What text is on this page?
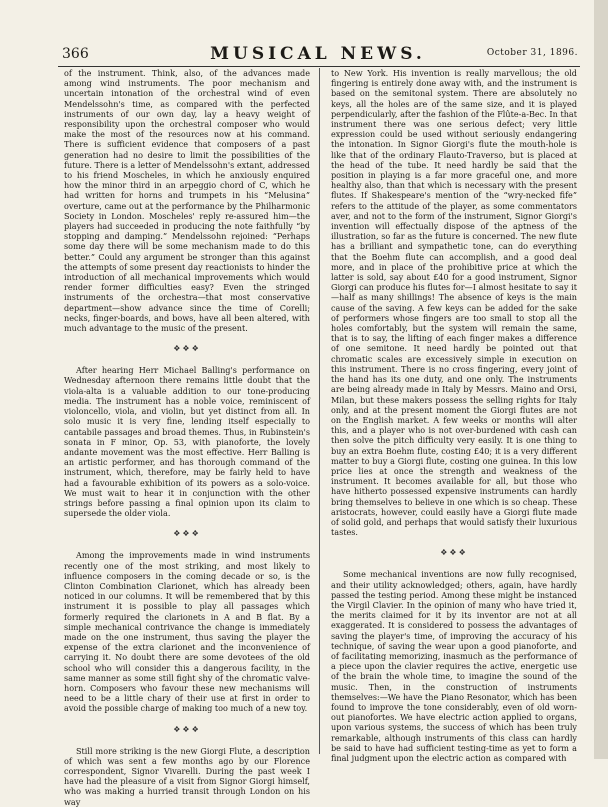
366	MUSICAL NEWS.	October 31, 1896.

of the instrument. Think, also, of the advances made among wind instruments. The poor mechanism and uncertain intonation of the orchestral wind of even Mendelssohn's time, as compared with the perfected instruments of our own day, lay a heavy weight of responsibility upon the orchestral composer who would make the most of the resources now at his command. There is sufficient evidence that composers of a past generation had no desire to limit the possibilities of the future. There is a letter of Mendelssohn's extant, addressed to his friend Moscheles, in which he anxiously enquired how the minor third in an arpeggio chord of C, which he had written for horns and trumpets in his “Melusina” overture, came out at the performance by the Philharmonic Society in London. Moscheles' reply re-assured him—the players had succeeded in producing the note faithfully “by stopping and damping.” Mendelssohn rejoined: “Perhaps some day there will be some mechanism made to do this better.” Could any argument be stronger than this against the attempts of some present day reactionists to hinder the introduction of all mechanical improvements which would render former difficulties easy? Even the stringed instruments of the orchestra—that most conservative department—show advance since the time of Corelli; necks, finger-boards, and bows, have all been altered, with much advantage to the music of the present.

❖❖❖

After hearing Herr Michael Balling's performance on Wednesday afternoon there remains little doubt that the viola-alta is a valuable addition to our tone-producing media. The instrument has a noble voice, reminiscent of violoncello, viola, and violin, but yet distinct from all. In solo music it is very fine, lending itself especially to cantabile passages and broad themes. Thus, in Rubinstein's sonata in F minor, Op. 53, with pianoforte, the lovely andante movement was the most effective. Herr Balling is an artistic performer, and has thorough command of the instrument, which, therefore, may be fairly held to have had a favourable exhibition of its powers as a solo-voice. We must wait to hear it in conjunction with the other strings before passing a final opinion upon its claim to supersede the older viola.

❖❖❖

Among the improvements made in wind instruments recently one of the most striking, and most likely to influence composers in the coming decade or so, is the Clinton Combination Clarionet, which has already been noticed in our columns. It will be remembered that by this instrument it is possible to play all passages which formerly required the clarionets in A and B flat. By a simple mechanical contrivance the change is immediately made on the one instrument, thus saving the player the expense of the extra clarionet and the inconvenience of carrying it. No doubt there are some devotees of the old school who will consider this a dangerous facility, in the same manner as some still fight shy of the chromatic valve-horn. Composers who favour these new mechanisms will need to be a little chary of their use at first in order to avoid the possible charge of making too much of a new toy.

❖❖❖

Still more striking is the new Giorgi Flute, a description of which was sent a few months ago by our Florence correspondent, Signor Vivarelli. During the past week I have had the pleasure of a visit from Signor Giorgi himself, who was making a hurried transit through London on his way

to New York. His invention is really marvellous; the old fingering is entirely done away with, and the instrument is based on the semitonal system. There are absolutely no keys, all the holes are of the same size, and it is played perpendicularly, after the fashion of the Flûte-a-Bec. In that instrument there was one serious defect; very little expression could be used without seriously endangering the intonation. In Signor Giorgi's flute the mouth-hole is like that of the ordinary Flauto-Traverso, but is placed at the head of the tube. It need hardly be said that the position in playing is a far more graceful one, and more healthy also, than that which is necessary with the present flutes. If Shakespeare's mention of the “wry-necked fife” refers to the attitude of the player, as some commentators aver, and not to the form of the instrument, Signor Giorgi's invention will effectually dispose of the aptness of the illustration, so far as the future is concerned. The new flute has a brilliant and sympathetic tone, can do everything that the Boehm flute can accomplish, and a good deal more, and in place of the prohibitive price at which the latter is sold, say about £40 for a good instrument, Signor Giorgi can produce his flutes for—I almost hesitate to say it—half as many shillings! The absence of keys is the main cause of the saving. A few keys can be added for the sake of performers whose fingers are too small to stop all the holes comfortably, but the system will remain the same, that is to say, the lifting of each finger makes a difference of one semitone. It need hardly be pointed out that chromatic scales are excessively simple in execution on this instrument. There is no cross fingering, every joint of the hand has its one duty, and one only. The instruments are being already made in Italy by Messrs. Maino and Orsi, Milan, but these makers possess the selling rights for Italy only, and at the present moment the Giorgi flutes are not on the English market. A few weeks or months will alter this, and a player who is not over-burdened with cash can then solve the pitch difficulty very easily. It is one thing to buy an extra Boehm flute, costing £40; it is a very different matter to buy a Giorgi flute, costing one guinea. In this low price lies at once the strength and weakness of the instrument. It becomes available for all, but those who have hitherto possessed expensive instruments can hardly bring themselves to believe in one which is so cheap. These aristocrats, however, could easily have a Giorgi flute made of solid gold, and perhaps that would satisfy their luxurious tastes.

❖❖❖

Some mechanical inventions are now fully recognised, and their utility acknowledged; others, again, have hardly passed the testing period. Among these might be instanced the Virgil Clavier. In the opinion of many who have tried it, the merits claimed for it by its inventor are not at all exaggerated. It is considered to possess the advantages of saving the player's time, of improving the accuracy of his technique, of saving the wear upon a good pianoforte, and of facilitating memorizing, inasmuch as the performance of a piece upon the clavier requires the active, energetic use of the brain the whole time, to imagine the sound of the music. Then, in the construction of instruments themselves:—We have the Piano Resonator, which has been found to improve the tone considerably, even of old worn-out pianofortes. We have electric action applied to organs, upon various systems, the success of which has been truly remarkable, although instruments of this class can hardly be said to have had sufficient testing-time as yet to form a final judgment upon the electric action as compared with
